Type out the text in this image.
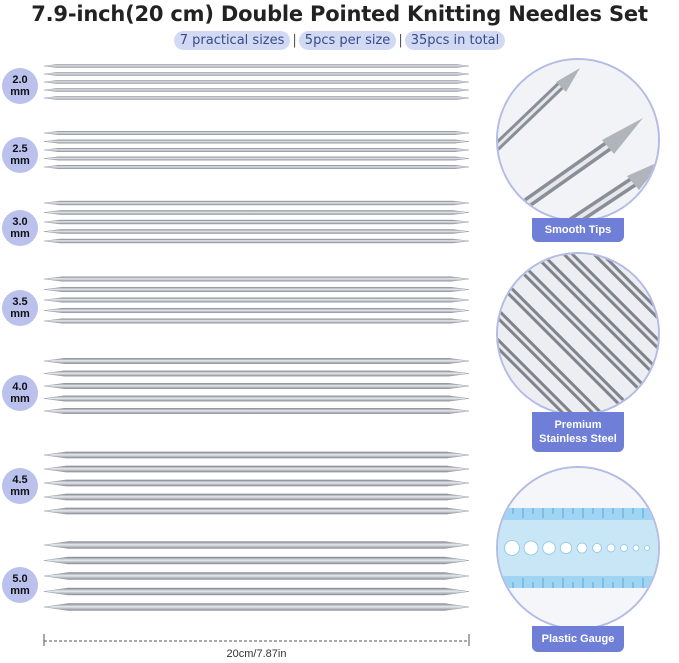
7.9-inch(20 cm) Double Pointed Knitting Needles Set
7 practical sizes | 5pcs per size | 35pcs in total
2.0
mm
2.5
mm
3.0
mm
3.5
mm
4.0
mm
4.5
mm
5.0
mm
20cm/7.87in
Smooth Tips
Premium
Stainless Steel
Plastic Gauge
